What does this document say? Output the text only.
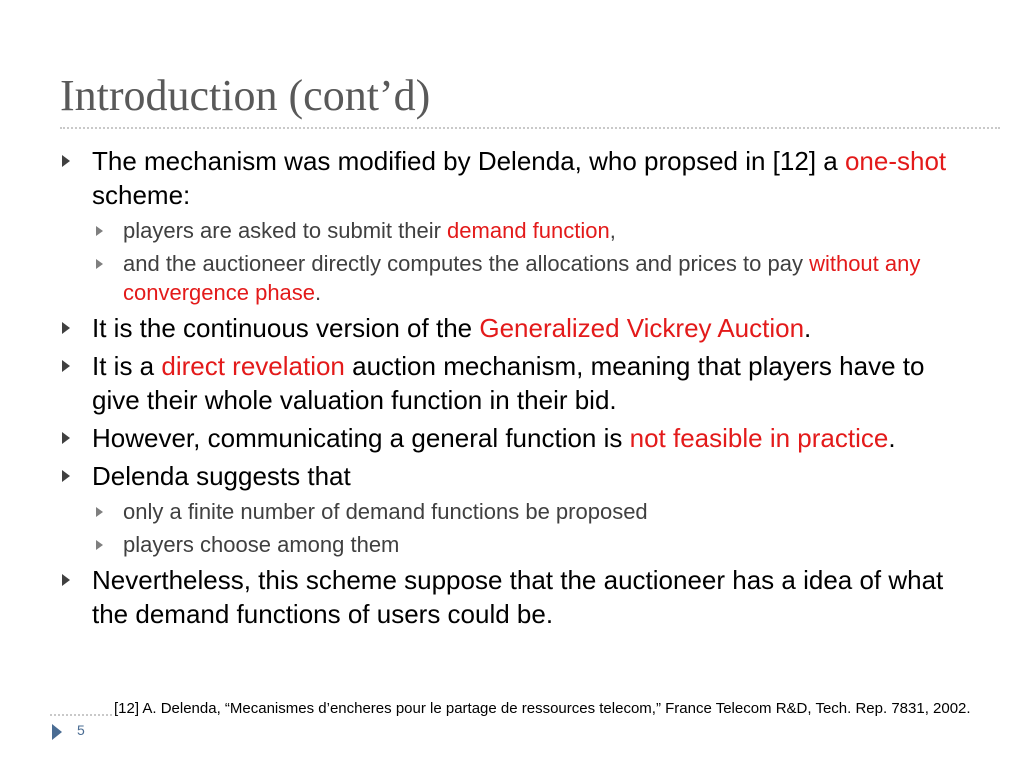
Introduction (cont’d)
The mechanism was modified by Delenda, who propsed in [12] a one-shot scheme:
players are asked to submit their demand function,
and the auctioneer directly computes the allocations and prices to pay without any convergence phase.
It is the continuous version of the Generalized Vickrey Auction.
It is a direct revelation auction mechanism, meaning that players have to give their whole valuation function in their bid.
However, communicating a general function is not feasible in practice.
Delenda suggests that
only a finite number of demand functions be proposed
players choose among them
Nevertheless, this scheme suppose that the auctioneer has a idea of what the demand functions of users could be.
5
[12] A. Delenda, “Mecanismes d’encheres pour le partage de ressources telecom,” France Telecom R&D, Tech. Rep. 7831, 2002.
